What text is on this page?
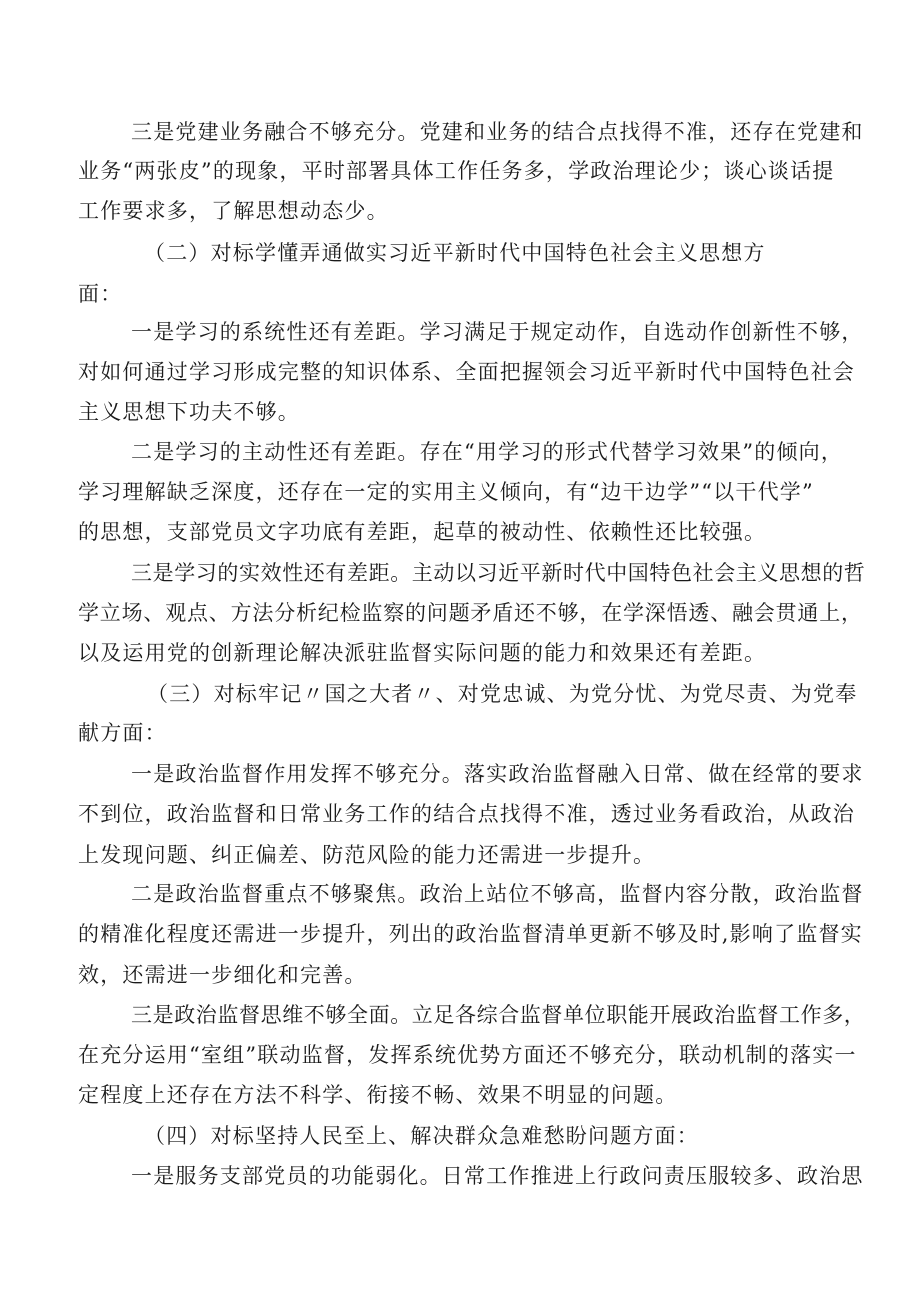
三是党建业务融合不够充分。党建和业务的结合点找得不准，还存在党建和
业务“两张皮”的现象，平时部署具体工作任务多，学政治理论少；谈心谈话提
工作要求多，了解思想动态少。
（二）对标学懂弄通做实习近平新时代中国特色社会主义思想方
面：
一是学习的系统性还有差距。学习满足于规定动作，自选动作创新性不够，
对如何通过学习形成完整的知识体系、全面把握领会习近平新时代中国特色社会
主义思想下功夫不够。
二是学习的主动性还有差距。存在“用学习的形式代替学习效果”的倾向，
学习理解缺乏深度，还存在一定的实用主义倾向，有“边干边学”“以干代学”
的思想，支部党员文字功底有差距，起草的被动性、依赖性还比较强。
三是学习的实效性还有差距。主动以习近平新时代中国特色社会主义思想的哲
学立场、观点、方法分析纪检监察的问题矛盾还不够，在学深悟透、融会贯通上，
以及运用党的创新理论解决派驻监督实际问题的能力和效果还有差距。
（三）对标牢记〃国之大者〃、对党忠诚、为党分忧、为党尽责、为党奉
献方面：
一是政治监督作用发挥不够充分。落实政治监督融入日常、做在经常的要求
不到位，政治监督和日常业务工作的结合点找得不准，透过业务看政治，从政治
上发现问题、纠正偏差、防范风险的能力还需进一步提升。
二是政治监督重点不够聚焦。政治上站位不够高，监督内容分散，政治监督
的精准化程度还需进一步提升，列出的政治监督清单更新不够及时,影响了监督实
效，还需进一步细化和完善。
三是政治监督思维不够全面。立足各综合监督单位职能开展政治监督工作多，
在充分运用“室组”联动监督，发挥系统优势方面还不够充分，联动机制的落实一
定程度上还存在方法不科学、衔接不畅、效果不明显的问题。
（四）对标坚持人民至上、解决群众急难愁盼问题方面：
一是服务支部党员的功能弱化。日常工作推进上行政问责压服较多、政治思
